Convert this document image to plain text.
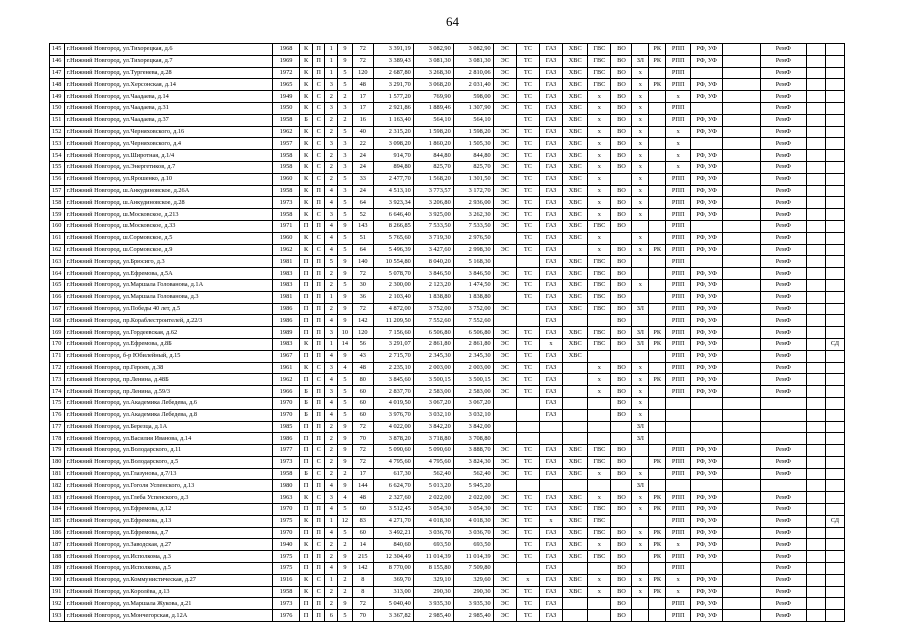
64
145	г.Нижний Новгород, ул.Тихорецкая, д.6	1968	К	П	1	9	72	3 391,19	3 082,90	3 082,90	ЭС	ТС	ГАЗ	ХВС	ГВС	ВО		РК	РПП	РФ, УФ		РемФ		
146	г.Нижний Новгород, ул.Тихорецкая, д.7	1969	К	П	1	9	72	3 389,43	3 081,30	3 081,30	ЭС	ТС	ГАЗ	ХВС	ГВС	ВО	ЗЛ	РК	РПП	РФ, УФ		РемФ		
147	г.Нижний Новгород, ул.Тургенева, д.28	1972	К	П	1	5	120	2 687,80	3 268,30	2 810,06	ЭС	ТС	ГАЗ	ХВС	ГВС	ВО	х		РПП			РемФ		
148	г.Нижний Новгород, ул.Херсонская, д.14	1965	К	С	3	5	48	3 291,70	3 068,20	2 031,40	ЭС	ТС	ГАЗ	ХВС	ГВС	ВО	х	РК	РПП	РФ, УФ		РемФ		
149	г.Нижний Новгород, ул.Чаадаева, д.14	1949	К	С	2	2	17	1 577,20	769,90	598,00	ЭС	ТС	ГАЗ	ХВС	х	ВО	х		х	РФ, УФ		РемФ		
150	г.Нижний Новгород, ул.Чаадаева, д.31	1950	К	С	3	3	17	2 921,86	1 889,46	1 307,90	ЭС	ТС	ГАЗ	ХВС	х	ВО	х		РПП			РемФ		
151	г.Нижний Новгород, ул.Чаадаева, д.37	1958	Б	С	2	2	16	1 163,40	564,10	564,10		ТС	ГАЗ	ХВС	х	ВО	х		РПП	РФ, УФ		РемФ		
152	г.Нижний Новгород, ул.Черняховского, д.16	1962	К	С	2	5	40	2 315,20	1 598,20	1 598,20	ЭС	ТС	ГАЗ	ХВС	х	ВО	х		х	РФ, УФ		РемФ		
153	г.Нижний Новгород, ул.Черняховского, д.4	1957	К	С	3	3	22	3 098,20	1 860,20	1 505,30	ЭС	ТС	ГАЗ	ХВС	х	ВО	х		х			РемФ		
154	г.Нижний Новгород, ул.Широтная, д.1/4	1958	К	С	2	3	24	914,70	844,80	844,80	ЭС	ТС	ГАЗ	ХВС	х	ВО	х		х	РФ, УФ		РемФ		
155	г.Нижний Новгород, ул.Энергетиков, д.7	1958	К	С	2	3	24	894,80	825,70	825,70	ЭС	ТС	ГАЗ	ХВС	х	ВО	х		х	РФ, УФ		РемФ		
156	г.Нижний Новгород, ул.Ярошенко, д.10	1960	К	С	2	5	33	2 477,70	1 568,20	1 301,50	ЭС	ТС	ГАЗ	ХВС	х		х		РПП	РФ, УФ		РемФ		
157	г.Нижний Новгород, ш.Анкудиновское, д.26А	1958	К	П	4	3	24	4 513,10	3 773,57	3 172,70	ЭС	ТС	ГАЗ	ХВС	х	ВО	х		РПП	РФ, УФ		РемФ		
158	г.Нижний Новгород, ш.Анкудиновское, д.28	1973	К	П	4	5	64	3 923,34	3 206,80	2 936,00	ЭС	ТС	ГАЗ	ХВС	х	ВО	х		РПП	РФ, УФ		РемФ		
159	г.Нижний Новгород, ш.Московское, д.213	1958	К	С	3	5	52	6 646,40	3 925,00	3 262,30	ЭС	ТС	ГАЗ	ХВС	х	ВО	х		РПП	РФ, УФ		РемФ		
160	г.Нижний Новгород, ш.Московское, д.33	1971	П	П	4	9	143	8 266,85	7 533,50	7 533,50	ЭС	ТС	ГАЗ	ХВС	ГВС	ВО			РПП			РемФ		
161	г.Нижний Новгород, ш.Сормовское, д.5	1960	К	С	4	5	51	5 765,60	3 719,30	2 976,50		ТС	ГАЗ	ХВС	х		х		РПП	РФ, УФ		РемФ		
162	г.Нижний Новгород, ш.Сормовское, д.9	1962	К	С	4	5	64	5 496,39	3 427,60	2 998,30	ЭС	ТС	ГАЗ		х	ВО	х	РК	РПП	РФ, УФ		РемФ		
163	г.Нижний Новгород, ул.Брюсиго, д.3	1981	П	П	5	9	140	10 554,80	8 040,20	5 168,30			ГАЗ	ХВС	ГВС	ВО			РПП			РемФ		
164	г.Нижний Новгород, ул.Ефремова, д.5А	1983	П	П	2	9	72	5 078,70	3 846,50	3 846,50	ЭС	ТС	ГАЗ	ХВС	ГВС	ВО			РПП	РФ, УФ		РемФ		
165	г.Нижний Новгород, ул.Маршала Голованова, д.1А	1983	П	П	2	5	30	2 300,00	2 123,20	1 474,50	ЭС	ТС	ГАЗ	ХВС	ГВС	ВО	х		РПП	РФ, УФ		РемФ		
166	г.Нижний Новгород, ул.Маршала Голованова, д.3	1981	П	П	1	9	36	2 103,40	1 838,80	1 838,80		ТС	ГАЗ	ХВС	ГВС	ВО			РПП	РФ, УФ		РемФ		
167	г.Нижний Новгород, ул.Победы 40 лет, д.5	1986	П	П	2	9	72	4 872,00	3 752,00	3 752,00	ЭС		ГАЗ	ХВС	ГВС	ВО	ЗЛ		РПП	РФ, УФ		РемФ		
168	г.Нижний Новгород, пр.Кораблестроителей, д.22/3	1986	П	П	4	9	142	11 209,50	7 552,60	7 552,60			ГАЗ			ВО			РПП	РФ, УФ		РемФ		
169	г.Нижний Новгород, ул.Гордеевская, д.62	1989	П	П	3	10	120	7 156,60	6 506,80	6 506,80	ЭС	ТС	ГАЗ	ХВС	ГВС	ВО	ЗЛ	РК	РПП	РФ, УФ		РемФ		
170	г.Нижний Новгород, ул.Ефремова, д.8Б	1983	К	П	1	14	56	3 291,07	2 861,80	2 861,80	ЭС	ТС	х	ХВС	ГВС	ВО	ЗЛ	РК	РПП	РФ, УФ		РемФ		СД
171	г.Нижний Новгород, б-р Юбилейный, д.15	1967	П	П	4	9	43	2 715,70	2 345,30	2 345,30	ЭС	ТС	ГАЗ	ХВС					РПП	РФ, УФ		РемФ		
172	г.Нижний Новгород, пр.Героев, д.38	1961	К	С	3	4	48	2 235,10	2 003,00	2 003,00	ЭС	ТС	ГАЗ		х	ВО	х		РПП	РФ, УФ		РемФ		
173	г.Нижний Новгород, пр.Ленина, д.48Б	1962	П	С	4	5	80	3 845,60	3 500,15	3 500,15	ЭС	ТС	ГАЗ		х	ВО	х	РК	РПП	РФ, УФ		РемФ		
174	г.Нижний Новгород, пр.Ленина, д.59/3	1966	Б	П	3	5	60	2 837,70	2 583,00	2 583,00	ЭС	ТС	ГАЗ		х	ВО	х		РПП	РФ, УФ		РемФ		
175	г.Нижний Новгород, ул.Академика Лебедева, д.6	1970	Б	П	4	5	60	4 019,50	3 067,20	3 067,20			ГАЗ			ВО	х							
176	г.Нижний Новгород, ул.Академика Лебедева, д.8	1970	Б	П	4	5	60	3 976,70	3 032,10	3 032,10			ГАЗ			ВО	х							
177	г.Нижний Новгород, ул.Березца, д.1А	1985	П	П	2	9	72	4 022,00	3 842,20	3 842,00							ЗЛ							
178	г.Нижний Новгород, ул.Василия Иванова, д.14	1986	П	П	2	9	70	3 878,20	3 718,80	3 708,80							ЗЛ							
179	г.Нижний Новгород, ул.Володарского, д.11	1977	П	С	2	9	72	5 090,60	5 090,60	3 888,70	ЭС	ТС	ГАЗ	ХВС	ГВС	ВО			РПП	РФ, УФ		РемФ		
180	г.Нижний Новгород, ул.Володарского, д.5	1973	П	С	2	9	72	4 795,60	4 795,60	3 824,30	ЭС	ТС	ГАЗ	ХВС	ГВС	ВО		РК	РПП	РФ, УФ		РемФ		
181	г.Нижний Новгород, ул.Глазунова, д.7/13	1958	Б	С	2	2	17	617,30	562,40	562,40	ЭС	ТС	ГАЗ	ХВС	х	ВО	х		РПП	РФ, УФ		РемФ		
182	г.Нижний Новгород, ул.Гоголя Успенского, д.13	1980	П	П	4	9	144	6 624,70	5 013,20	5 945,20							ЗЛ							
183	г.Нижний Новгород, ул.Глеба Успенского, д.3	1963	К	С	3	4	48	2 327,60	2 022,00	2 022,00	ЭС	ТС	ГАЗ	ХВС	х	ВО	х	РК	РПП	РФ, УФ		РемФ		
184	г.Нижний Новгород, ул.Ефремова, д.12	1970	П	П	4	5	60	3 512,45	3 054,30	3 054,30	ЭС	ТС	ГАЗ	ХВС	ГВС	ВО	х	РК	РПП	РФ, УФ		РемФ		
185	г.Нижний Новгород, ул.Ефремова, д.13	1975	К	П	1	12	83	4 271,70	4 018,30	4 018,30	ЭС	ТС	х	ХВС	ГВС				РПП	РФ, УФ		РемФ		СД
186	г.Нижний Новгород, ул.Ефремова, д.7	1970	П	П	4	5	60	3 492,21	3 036,70	3 036,70	ЭС	ТС	ГАЗ	ХВС	ГВС	ВО	х	РК	РПП	РФ, УФ		РемФ		
187	г.Нижний Новгород, ул.Заводская, д.27	1940	К	С	2	2	14	840,60	693,50	693,50		ТС	ГАЗ	ХВС	х	ВО	х	РК	х	РФ, УФ		РемФ		
188	г.Нижний Новгород, ул.Исполкома, д.3	1975	П	П	2	9	215	12 304,49	11 014,39	11 014,39	ЭС	ТС	ГАЗ	ХВС	ГВС	ВО		РК	РПП	РФ, УФ		РемФ		
189	г.Нижний Новгород, ул.Исполкома, д.5	1975	П	П	4	9	142	8 770,00	8 155,80	7 509,80			ГАЗ			ВО			РПП			РемФ		
190	г.Нижний Новгород, ул.Коммунистическая, д.27	1916	К	С	1	2	8	369,70	329,10	329,60	ЭС	х	ГАЗ	ХВС	х	ВО	х	РК	х	РФ, УФ		РемФ		
191	г.Нижний Новгород, ул.Королёва, д.13	1958	К	С	2	2	8	313,00	290,30	290,30	ЭС	ТС	ГАЗ	ХВС	х	ВО	х	РК	х	РФ, УФ		РемФ		
192	г.Нижний Новгород, ул.Маршала Жукова, д.21	1973	П	П	2	9	72	5 040,40	3 935,30	3 935,30	ЭС	ТС	ГАЗ			ВО			РПП	РФ, УФ		РемФ		
193	г.Нижний Новгород, ул.Мончегорская, д.12А	1976	П	П	6	5	70	3 367,82	2 985,40	2 985,40	ЭС	ТС	ГАЗ			ВО			РПП	РФ, УФ		РемФ		
